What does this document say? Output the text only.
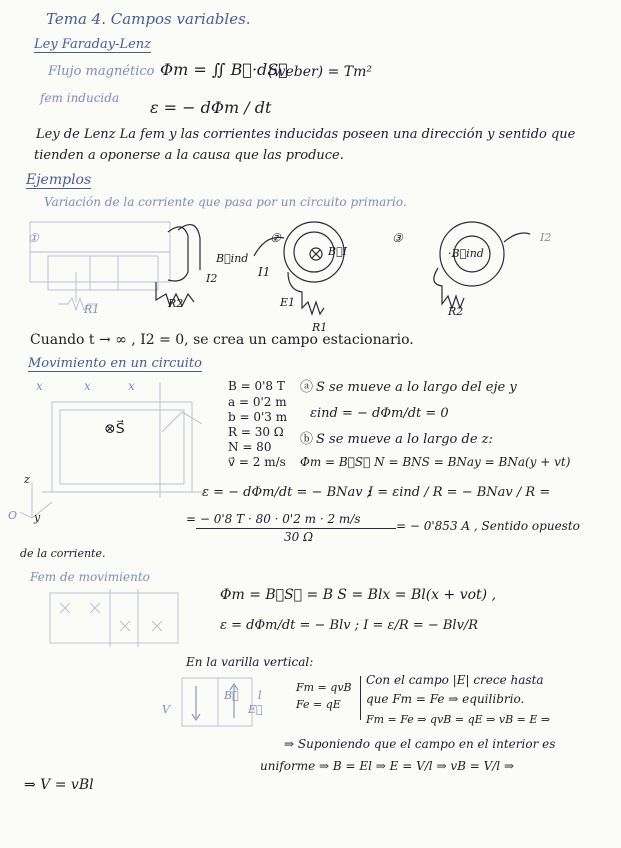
Tema 4. Campos variables.
Ley Faraday-Lenz
Flujo magnético Φm = ∬ B⃗·dS⃗
(weber) = Tm²
fem inducida ε = − dΦm / dt
Ley de Lenz La fem y las corrientes inducidas poseen una dirección y sentido que
tienden a oponerse a la causa que las produce.
Ejemplos
Variación de la corriente que pasa por un circuito primario.
①
B⃗ind
I2
②
I1
B⃗I
E1
R1
③
·B⃗ind
I2
R2
R2
R1
Cuando t → ∞ , I2 = 0, se crea un campo estacionario.
Movimiento en un circuito
x	x	x
⊗S⃗
z
y
O
B = 0'8 T
a = 0'2 m
b = 0'3 m
R = 30 Ω
N = 80
v⃗ = 2 m/s
ⓐ S se mueve a lo largo del eje y
εind = − dΦm/dt = 0
ⓑ S se mueve a lo largo de z:
Φm = B⃗S⃗ N = BNS = BNay = BNa(y + vt)
ε = − dΦm/dt = − BNav ;
I = εind / R = − BNav / R =
= − 0'8 T · 80 · 0'2 m · 2 m/s
30 Ω
= − 0'853 A , Sentido opuesto
de la corriente.
Fem de movimiento
Φm = B⃗S⃗ = B S = Blx = Bl(x + vot) ,
ε = dΦm/dt = − Blv ; I = ε/R = − Blv/R
En la varilla vertical:
V
B⃗
E⃗
l
Fm = qvB
Fe = qE
Con el campo |E| crece hasta
que Fm = Fe ⇒ equilibrio.
Fm = Fe ⇒ qvB = qE ⇒ vB = E ⇒
⇒ Suponiendo que el campo en el interior es
uniforme ⇒ B = El ⇒ E = V/l ⇒ vB = V/l ⇒
⇒ V = vBl
